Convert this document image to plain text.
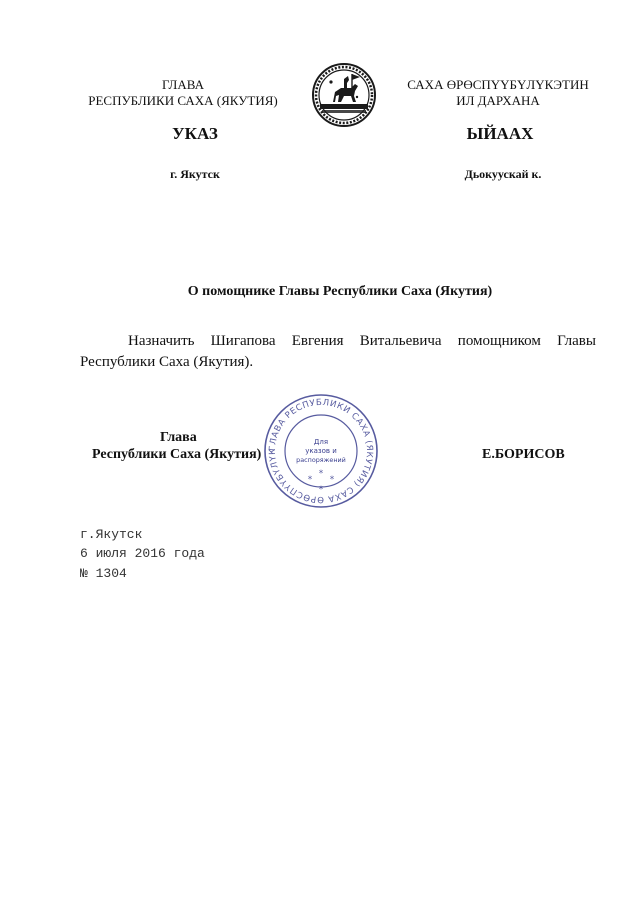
ГЛАВА
РЕСПУБЛИКИ САХА (ЯКУТИЯ)
САХА ӨРӨСПҮҮБҮЛҮКЭТИН
ИЛ ДАРХАНА
УКАЗ	ЫЙААХ
г. Якутск	Дьокуускай к.
О помощнике Главы Республики Саха (Якутия)
Назначить Шигапова Евгения Витальевича помощником Главы
Республики Саха (Якутия).
ГЛАВА РЕСПУБЛИКИ САХА (ЯКУТИЯ) САХА ӨРӨСПҮҮБҮЛҮК
Для
указов и
распоряжений
* *
*
*
Глава
Республики Саха (Якутия)	Е.БОРИСОВ
г.Якутск
6 июля 2016 года
№ 1304
